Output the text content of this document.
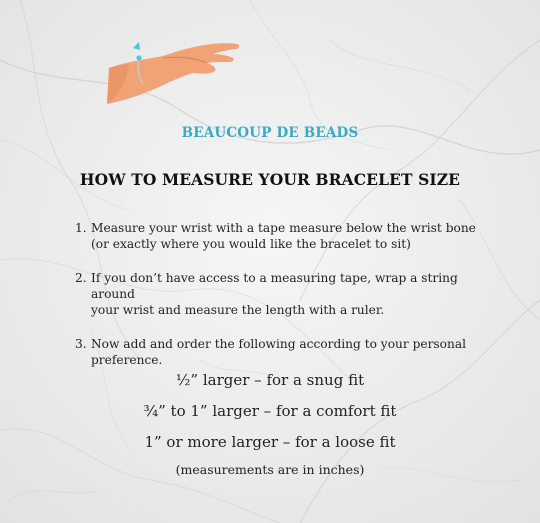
BEAUCOUP DE BEADS
HOW TO MEASURE YOUR BRACELET SIZE
1. Measure your wrist with a tape measure below the wrist bone
(or exactly where you would like the bracelet to sit)
2. If you don’t have access to a measuring tape, wrap a string around
your wrist and measure the length with a ruler.
3. Now add and order the following according to your personal
preference.
½” larger – for a snug fit
¾” to 1” larger – for a comfort fit
1” or more larger – for a loose fit
(measurements are in inches)
